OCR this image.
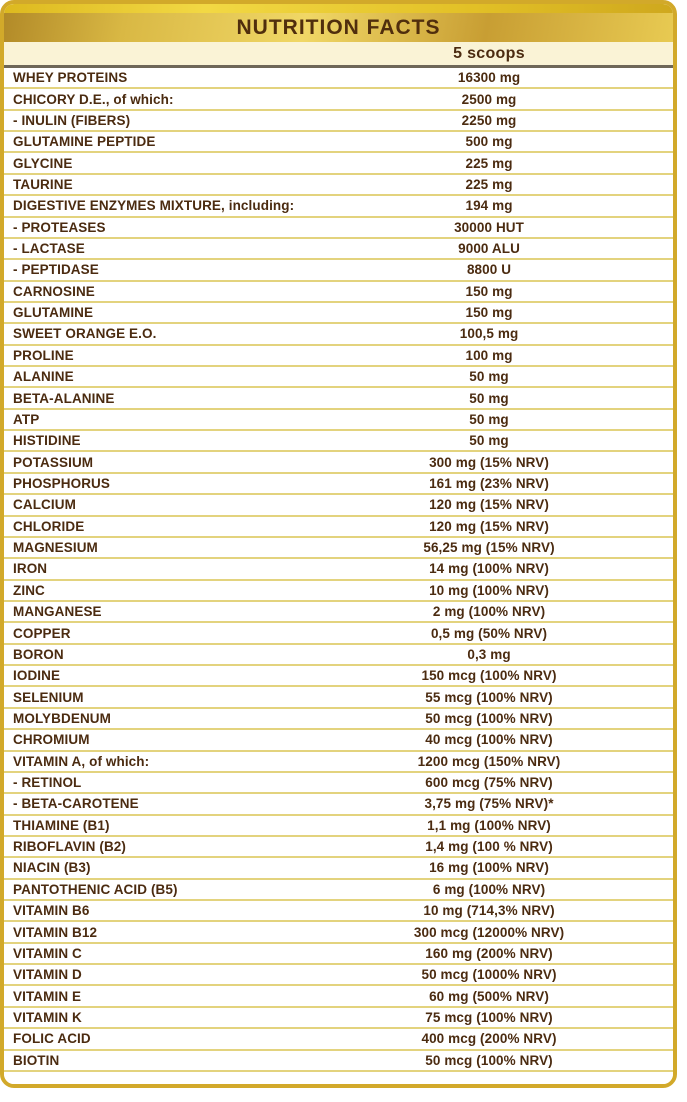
NUTRITION FACTS
5 scoops
WHEY PROTEINS	16300 mg
CHICORY D.E., of which:	2500 mg
- INULIN (FIBERS)	2250 mg
GLUTAMINE PEPTIDE	500 mg
GLYCINE	225 mg
TAURINE	225 mg
DIGESTIVE ENZYMES MIXTURE, including:	194 mg
- PROTEASES	30000 HUT
- LACTASE	9000 ALU
- PEPTIDASE	8800 U
CARNOSINE	150 mg
GLUTAMINE	150 mg
SWEET ORANGE E.O.	100,5 mg
PROLINE	100 mg
ALANINE	50 mg
BETA-ALANINE	50 mg
ATP	50 mg
HISTIDINE	50 mg
POTASSIUM	300 mg (15% NRV)
PHOSPHORUS	161 mg (23% NRV)
CALCIUM	120 mg (15% NRV)
CHLORIDE	120 mg (15% NRV)
MAGNESIUM	56,25 mg (15% NRV)
IRON	14 mg (100% NRV)
ZINC	10 mg (100% NRV)
MANGANESE	2 mg (100% NRV)
COPPER	0,5 mg (50% NRV)
BORON	0,3 mg
IODINE	150 mcg (100% NRV)
SELENIUM	55 mcg (100% NRV)
MOLYBDENUM	50 mcg (100% NRV)
CHROMIUM	40 mcg (100% NRV)
VITAMIN A, of which:	1200 mcg (150% NRV)
- RETINOL	600 mcg (75% NRV)
- BETA-CAROTENE	3,75 mg (75% NRV)*
THIAMINE (B1)	1,1 mg (100% NRV)
RIBOFLAVIN (B2)	1,4 mg (100 % NRV)
NIACIN (B3)	16 mg (100% NRV)
PANTOTHENIC ACID (B5)	6 mg (100% NRV)
VITAMIN B6	10 mg (714,3% NRV)
VITAMIN B12	300 mcg (12000% NRV)
VITAMIN C	160 mg (200% NRV)
VITAMIN D	50 mcg (1000% NRV)
VITAMIN E	60 mg (500% NRV)
VITAMIN K	75 mcg (100% NRV)
FOLIC ACID	400 mcg (200% NRV)
BIOTIN	50 mcg (100% NRV)
